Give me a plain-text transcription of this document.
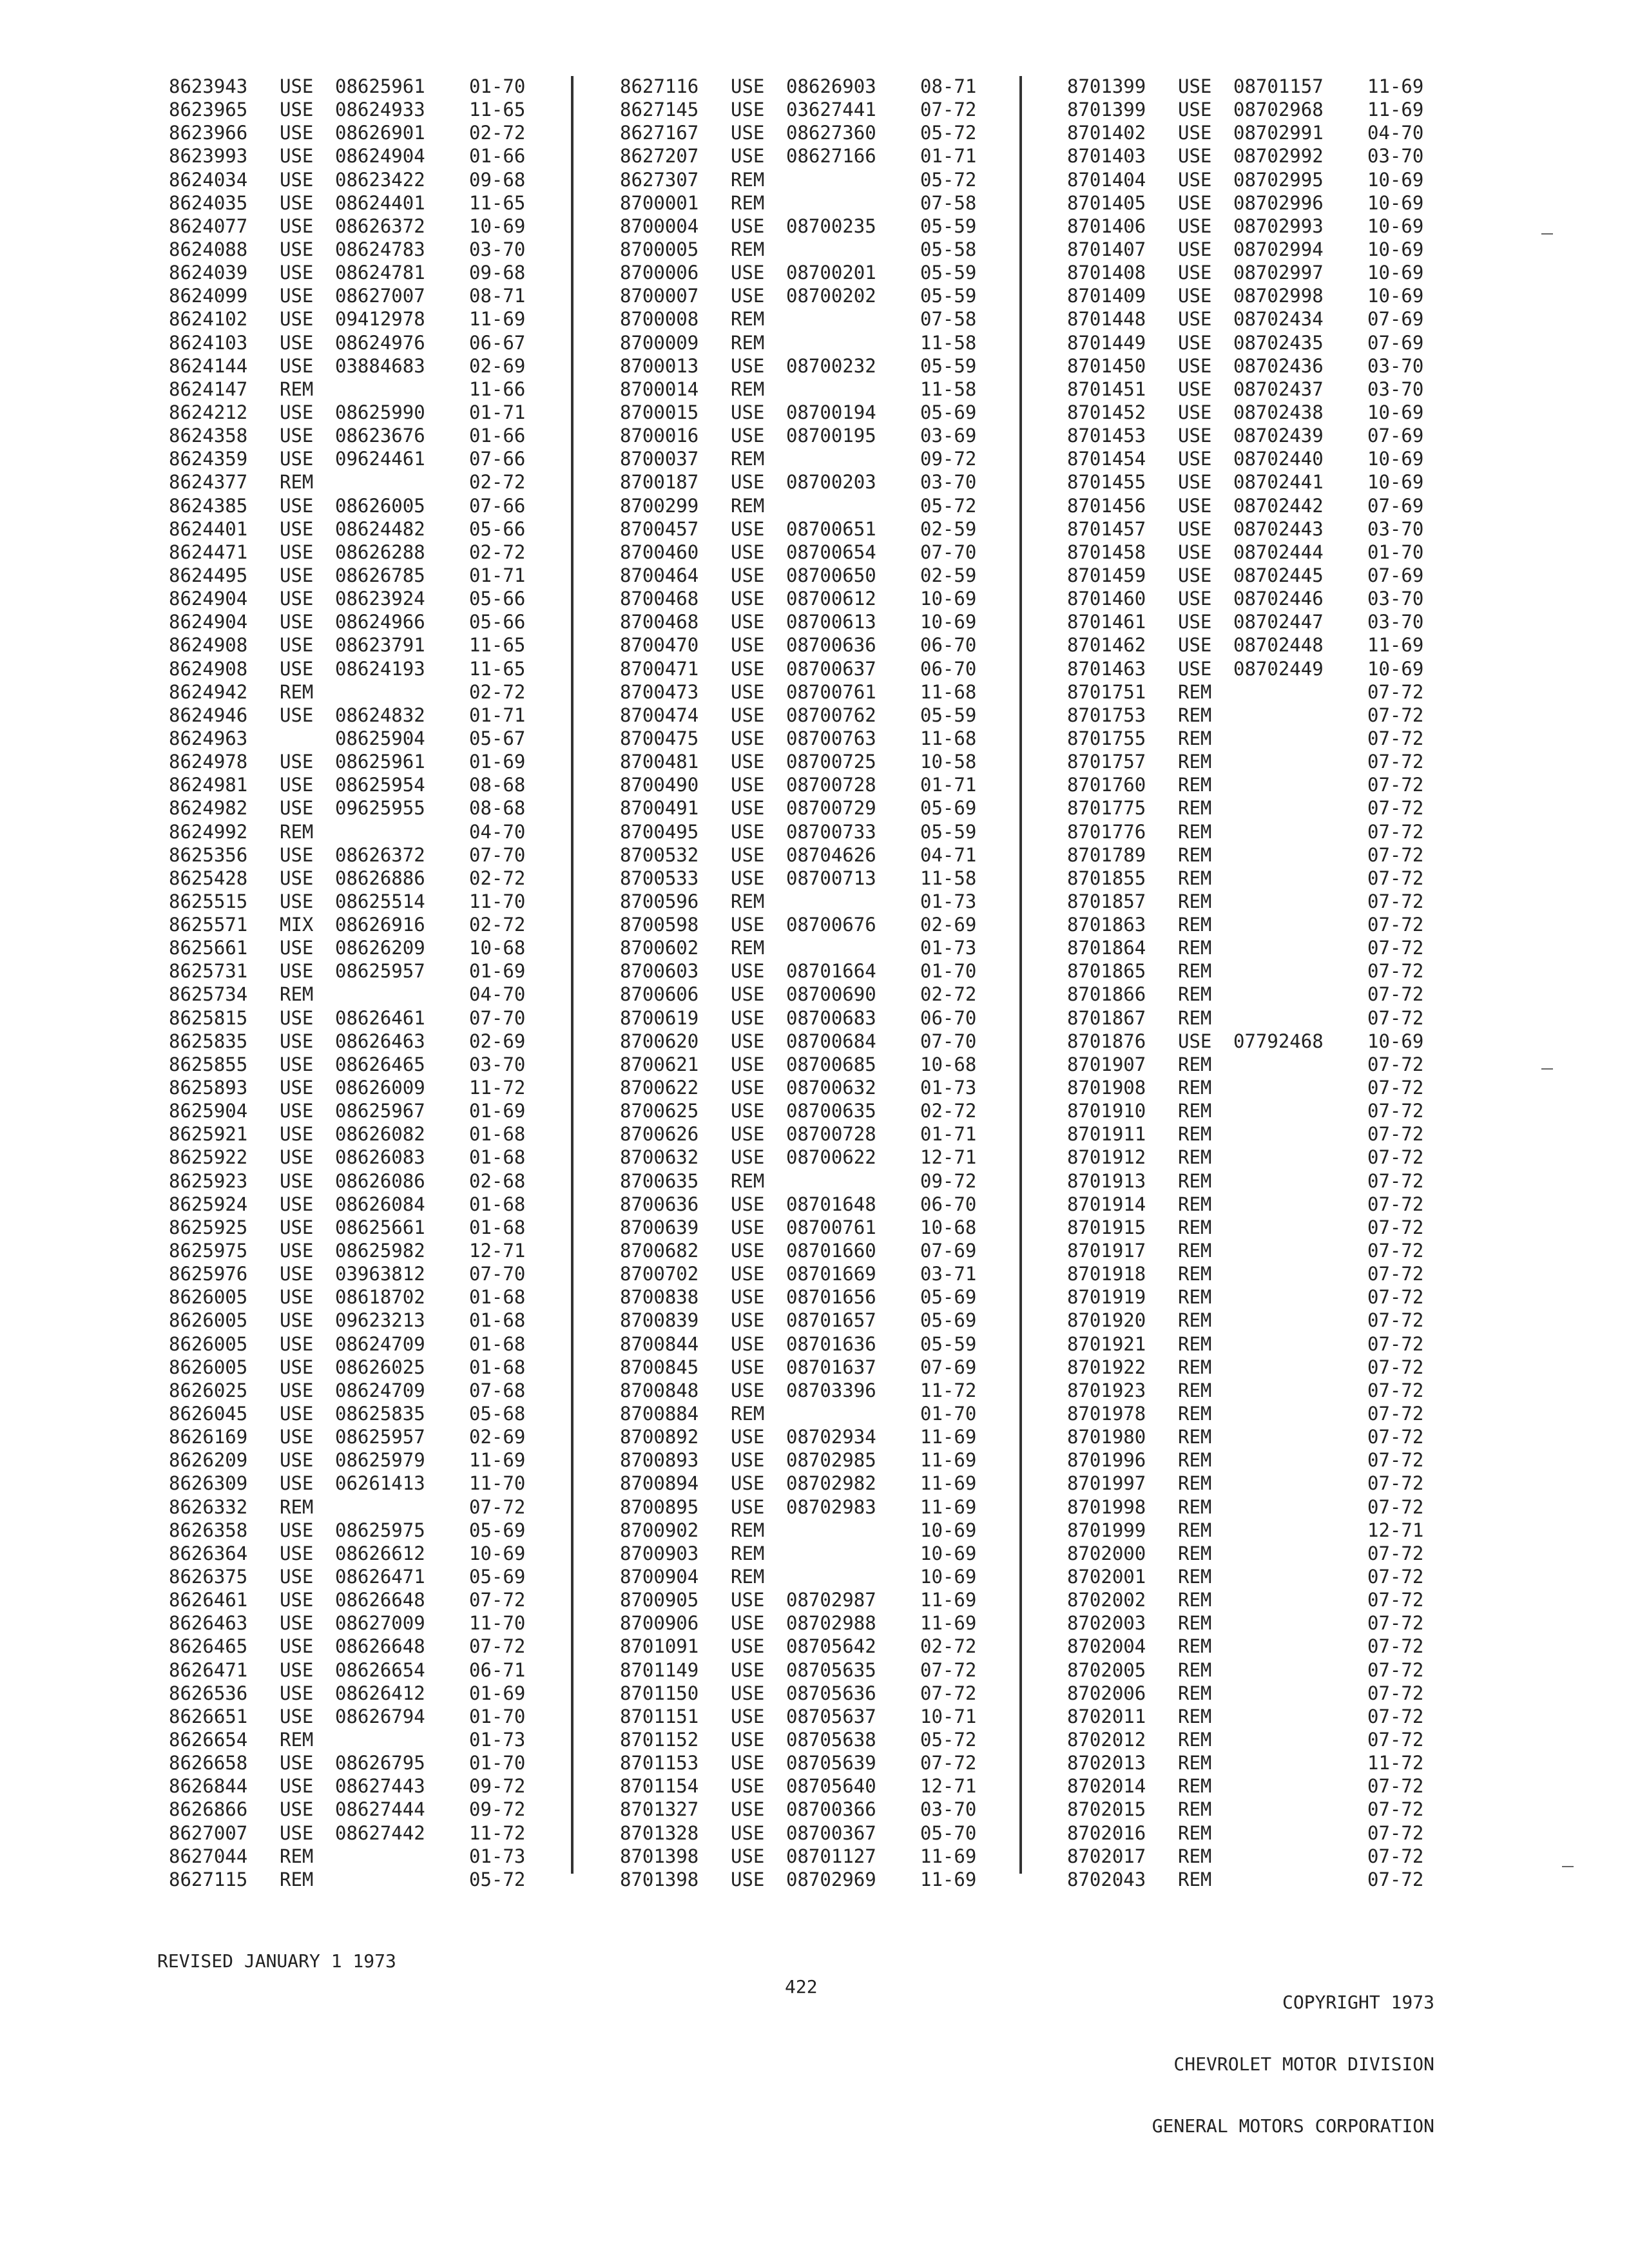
8623943 USE 08625961 01-70
8623965 USE 08624933 11-65
8623966 USE 08626901 02-72
8623993 USE 08624904 01-66
8624034 USE 08623422 09-68
8624035 USE 08624401 11-65
8624077 USE 08626372 10-69
8624088 USE 08624783 03-70
8624039 USE 08624781 09-68
8624099 USE 08627007 08-71
8624102 USE 09412978 11-69
8624103 USE 08624976 06-67
8624144 USE 03884683 02-69
8624147 REM	11-66
8624212 USE 08625990 01-71
8624358 USE 08623676 01-66
8624359 USE 09624461 07-66
8624377 REM	02-72
8624385 USE 08626005 07-66
8624401 USE 08624482 05-66
8624471 USE 08626288 02-72
8624495 USE 08626785 01-71
8624904 USE 08623924 05-66
8624904 USE 08624966 05-66
8624908 USE 08623791 11-65
8624908 USE 08624193 11-65
8624942 REM	02-72
8624946 USE 08624832 01-71
8624963	08625904 05-67
8624978 USE 08625961 01-69
8624981 USE 08625954 08-68
8624982 USE 09625955 08-68
8624992 REM	04-70
8625356 USE 08626372 07-70
8625428 USE 08626886 02-72
8625515 USE 08625514 11-70
8625571 MIX 08626916 02-72
8625661 USE 08626209 10-68
8625731 USE 08625957 01-69
8625734 REM	04-70
8625815 USE 08626461 07-70
8625835 USE 08626463 02-69
8625855 USE 08626465 03-70
8625893 USE 08626009 11-72
8625904 USE 08625967 01-69
8625921 USE 08626082 01-68
8625922 USE 08626083 01-68
8625923 USE 08626086 02-68
8625924 USE 08626084 01-68
8625925 USE 08625661 01-68
8625975 USE 08625982 12-71
8625976 USE 03963812 07-70
8626005 USE 08618702 01-68
8626005 USE 09623213 01-68
8626005 USE 08624709 01-68
8626005 USE 08626025 01-68
8626025 USE 08624709 07-68
8626045 USE 08625835 05-68
8626169 USE 08625957 02-69
8626209 USE 08625979 11-69
8626309 USE 06261413 11-70
8626332 REM	07-72
8626358 USE 08625975 05-69
8626364 USE 08626612 10-69
8626375 USE 08626471 05-69
8626461 USE 08626648 07-72
8626463 USE 08627009 11-70
8626465 USE 08626648 07-72
8626471 USE 08626654 06-71
8626536 USE 08626412 01-69
8626651 USE 08626794 01-70
8626654 REM	01-73
8626658 USE 08626795 01-70
8626844 USE 08627443 09-72
8626866 USE 08627444 09-72
8627007 USE 08627442 11-72
8627044 REM	01-73
8627115 REM	05-72
8627116 USE 08626903 08-71
8627145 USE 03627441 07-72
8627167 USE 08627360 05-72
8627207 USE 08627166 01-71
8627307 REM	05-72
8700001 REM	07-58
8700004 USE 08700235 05-59
8700005 REM	05-58
8700006 USE 08700201 05-59
8700007 USE 08700202 05-59
8700008 REM	07-58
8700009 REM	11-58
8700013 USE 08700232 05-59
8700014 REM	11-58
8700015 USE 08700194 05-69
8700016 USE 08700195 03-69
8700037 REM	09-72
8700187 USE 08700203 03-70
8700299 REM	05-72
8700457 USE 08700651 02-59
8700460 USE 08700654 07-70
8700464 USE 08700650 02-59
8700468 USE 08700612 10-69
8700468 USE 08700613 10-69
8700470 USE 08700636 06-70
8700471 USE 08700637 06-70
8700473 USE 08700761 11-68
8700474 USE 08700762 05-59
8700475 USE 08700763 11-68
8700481 USE 08700725 10-58
8700490 USE 08700728 01-71
8700491 USE 08700729 05-69
8700495 USE 08700733 05-59
8700532 USE 08704626 04-71
8700533 USE 08700713 11-58
8700596 REM	01-73
8700598 USE 08700676 02-69
8700602 REM	01-73
8700603 USE 08701664 01-70
8700606 USE 08700690 02-72
8700619 USE 08700683 06-70
8700620 USE 08700684 07-70
8700621 USE 08700685 10-68
8700622 USE 08700632 01-73
8700625 USE 08700635 02-72
8700626 USE 08700728 01-71
8700632 USE 08700622 12-71
8700635 REM	09-72
8700636 USE 08701648 06-70
8700639 USE 08700761 10-68
8700682 USE 08701660 07-69
8700702 USE 08701669 03-71
8700838 USE 08701656 05-69
8700839 USE 08701657 05-69
8700844 USE 08701636 05-59
8700845 USE 08701637 07-69
8700848 USE 08703396 11-72
8700884 REM	01-70
8700892 USE 08702934 11-69
8700893 USE 08702985 11-69
8700894 USE 08702982 11-69
8700895 USE 08702983 11-69
8700902 REM	10-69
8700903 REM	10-69
8700904 REM	10-69
8700905 USE 08702987 11-69
8700906 USE 08702988 11-69
8701091 USE 08705642 02-72
8701149 USE 08705635 07-72
8701150 USE 08705636 07-72
8701151 USE 08705637 10-71
8701152 USE 08705638 05-72
8701153 USE 08705639 07-72
8701154 USE 08705640 12-71
8701327 USE 08700366 03-70
8701328 USE 08700367 05-70
8701398 USE 08701127 11-69
8701398 USE 08702969 11-69
8701399 USE 08701157 11-69
8701399 USE 08702968 11-69
8701402 USE 08702991 04-70
8701403 USE 08702992 03-70
8701404 USE 08702995 10-69
8701405 USE 08702996 10-69
8701406 USE 08702993 10-69
8701407 USE 08702994 10-69
8701408 USE 08702997 10-69
8701409 USE 08702998 10-69
8701448 USE 08702434 07-69
8701449 USE 08702435 07-69
8701450 USE 08702436 03-70
8701451 USE 08702437 03-70
8701452 USE 08702438 10-69
8701453 USE 08702439 07-69
8701454 USE 08702440 10-69
8701455 USE 08702441 10-69
8701456 USE 08702442 07-69
8701457 USE 08702443 03-70
8701458 USE 08702444 01-70
8701459 USE 08702445 07-69
8701460 USE 08702446 03-70
8701461 USE 08702447 03-70
8701462 USE 08702448 11-69
8701463 USE 08702449 10-69
8701751 REM	07-72
8701753 REM	07-72
8701755 REM	07-72
8701757 REM	07-72
8701760 REM	07-72
8701775 REM	07-72
8701776 REM	07-72
8701789 REM	07-72
8701855 REM	07-72
8701857 REM	07-72
8701863 REM	07-72
8701864 REM	07-72
8701865 REM	07-72
8701866 REM	07-72
8701867 REM	07-72
8701876 USE 07792468 10-69
8701907 REM	07-72
8701908 REM	07-72
8701910 REM	07-72
8701911 REM	07-72
8701912 REM	07-72
8701913 REM	07-72
8701914 REM	07-72
8701915 REM	07-72
8701917 REM	07-72
8701918 REM	07-72
8701919 REM	07-72
8701920 REM	07-72
8701921 REM	07-72
8701922 REM	07-72
8701923 REM	07-72
8701978 REM	07-72
8701980 REM	07-72
8701996 REM	07-72
8701997 REM	07-72
8701998 REM	07-72
8701999 REM	12-71
8702000 REM	07-72
8702001 REM	07-72
8702002 REM	07-72
8702003 REM	07-72
8702004 REM	07-72
8702005 REM	07-72
8702006 REM	07-72
8702011 REM	07-72
8702012 REM	07-72
8702013 REM	11-72
8702014 REM	07-72
8702015 REM	07-72
8702016 REM	07-72
8702017 REM	07-72
8702043 REM	07-72
REVISED JANUARY 1 1973
422

COPYRIGHT 1973

CHEVROLET MOTOR DIVISION

GENERAL MOTORS CORPORATION
